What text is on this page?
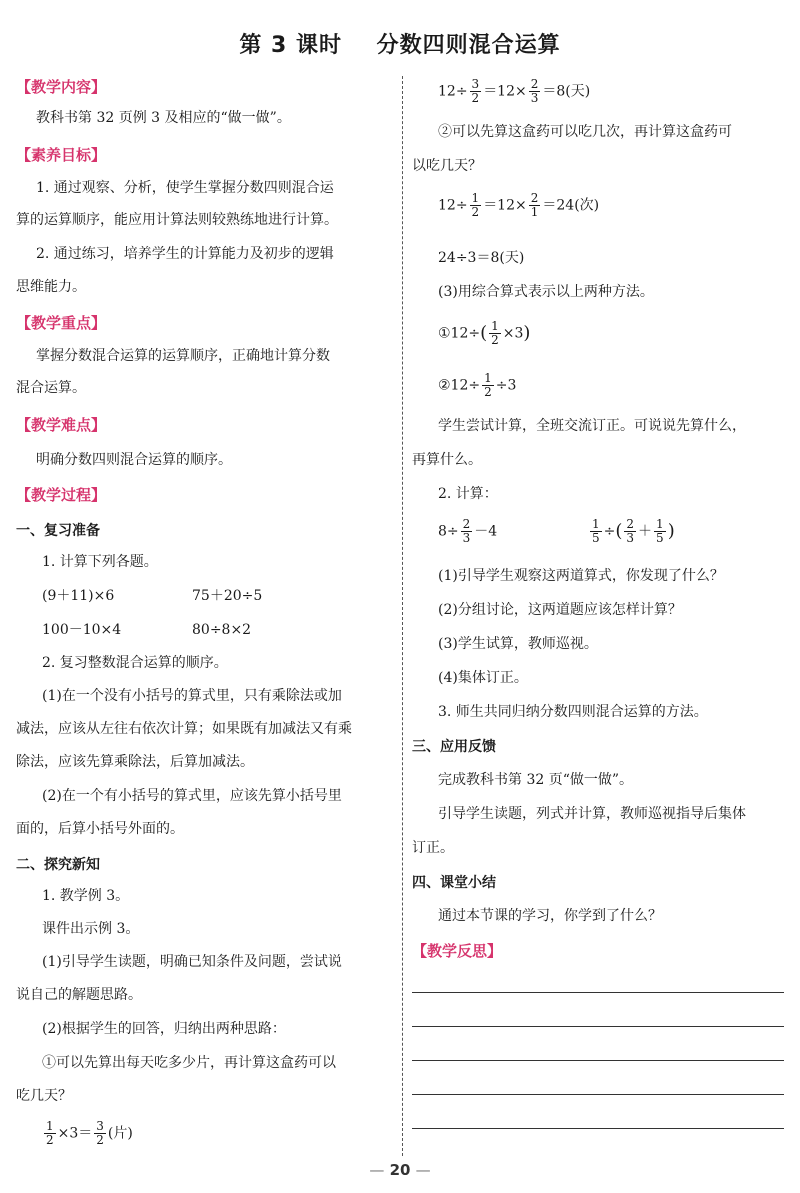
第 3 课时    分数四则混合运算
【教学内容】
教科书第 32 页例 3 及相应的“做一做”。
【素养目标】
1. 通过观察、分析，使学生掌握分数四则混合运
算的运算顺序，能应用计算法则较熟练地进行计算。
2. 通过练习，培养学生的计算能力及初步的逻辑
思维能力。
【教学重点】
掌握分数混合运算的运算顺序，正确地计算分数
混合运算。
【教学难点】
明确分数四则混合运算的顺序。
【教学过程】
一、复习准备
1. 计算下列各题。
(9＋11)×6	75＋20÷5
100－10×4	80÷8×2
2. 复习整数混合运算的顺序。
(1)在一个没有小括号的算式里，只有乘除法或加
减法，应该从左往右依次计算；如果既有加减法又有乘
除法，应该先算乘除法，后算加减法。
(2)在一个有小括号的算式里，应该先算小括号里
面的，后算小括号外面的。
二、探究新知
1. 教学例 3。
课件出示例 3。
(1)引导学生读题，明确已知条件及问题，尝试说
说自己的解题思路。
(2)根据学生的回答，归纳出两种思路：
①可以先算出每天吃多少片，再计算这盒药可以
吃几天？
$\frac{1}{2} \times 3= \frac{3}{2}$ (片)
$12\div \frac{3}{2} =12\times \frac{2}{3} =8$(天)
②可以先算这盒药可以吃几次，再计算这盒药可
以吃几天？
$12\div \frac{1}{2} =12\times \frac{2}{1} =24$(次)
24÷3＝8(天)
(3)用综合算式表示以上两种方法。
①12÷( $\frac{1}{2} \times 3$)
②12÷ $\frac{1}{2} \div 3$
学生尝试计算，全班交流订正。可说说先算什么，
再算什么。
2. 计算：
$8\div \frac{2}{3} -4$	$\frac{1}{5}$ ÷( $\frac{2}{3} + \frac{1}{5}$ )
(1)引导学生观察这两道算式，你发现了什么？
(2)分组讨论，这两道题应该怎样计算？
(3)学生试算，教师巡视。
(4)集体订正。
3. 师生共同归纳分数四则混合运算的方法。
三、应用反馈
完成教科书第 32 页“做一做”。
引导学生读题，列式并计算，教师巡视指导后集体
订正。
四、课堂小结
通过本节课的学习，你学到了什么？
【教学反思】
— 20 —
